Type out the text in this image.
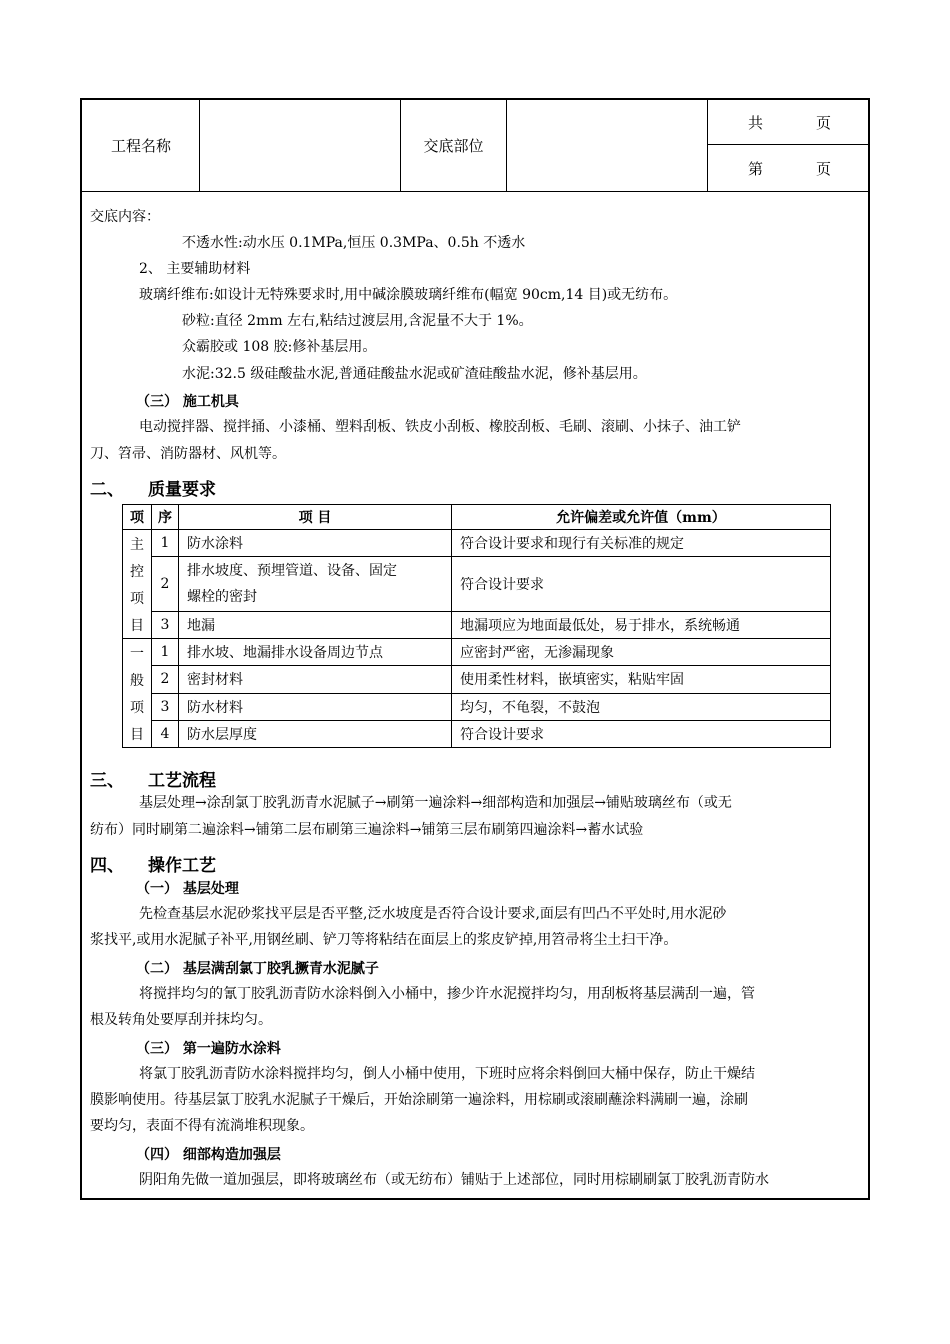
工程名称	交底部位
共	页
第	页
交底内容：
不透水性:动水压 0.1MPa,恒压 0.3MPa、0.5h 不透水
2、 主要辅助材料
玻璃纤维布:如设计无特殊要求时,用中碱涂膜玻璃纤维布(幅宽 90cm,14 目)或无纺布。
砂粒:直径 2mm 左右,粘结过渡层用,含泥量不大于 1%。
众霸胶或 108 胶:修补基层用。
水泥:32.5 级硅酸盐水泥,普通硅酸盐水泥或矿渣硅酸盐水泥，修补基层用。
（三） 施工机具
电动搅拌器、搅拌捅、小漆桶、塑料刮板、铁皮小刮板、橡胶刮板、毛刷、滚刷、小抹子、油工铲
刀、笤帚、消防器材、风机等。
二、 质量要求
项	序	项 目	允许偏差或允许值（mm）

主
控
项
目	1	防水涂料	符合设计要求和现行有关标准的规定
	2	排水坡度、预埋管道、设备、固定
螺栓的密封	符合设计要求
	3	地漏	地漏项应为地面最低处，易于排水，系统畅通

一
般
项
目	1	排水坡、地漏排水设备周边节点	应密封严密，无渗漏现象
	2	密封材料	使用柔性材料，嵌填密实，粘贴牢固
	3	防水材料	均匀，不龟裂，不鼓泡
	4	防水层厚度	符合设计要求
三、 工艺流程
基层处理→涂刮氯丁胶乳沥青水泥腻子→刷第一遍涂料→细部构造和加强层→铺贴玻璃丝布（或无
纺布）同时刷第二遍涂料→铺第二层布刷第三遍涂料→铺第三层布刷第四遍涂料→蓄水试验
四、 操作工艺
（一） 基层处理
先检查基层水泥砂浆找平层是否平整,泛水坡度是否符合设计要求,面层有凹凸不平处时,用水泥砂
浆找平,或用水泥腻子补平,用钢丝刷、铲刀等将粘结在面层上的浆皮铲掉,用笤帚将尘土扫干净。
（二） 基层满刮氯丁胶乳撅青水泥腻子
将搅拌均匀的氰丁胶乳沥青防水涂料倒入小桶中，掺少许水泥搅拌均匀，用刮板将基层满刮一遍，管
根及转角处要厚刮并抹均匀。
（三） 第一遍防水涂料
将氯丁胶乳沥青防水涂料搅拌均匀，倒人小桶中使用，下班时应将余料倒回大桶中保存，防止干燥结
膜影响使用。待基层氯丁胶乳水泥腻子干燥后，开始涂刷第一遍涂料，用棕刷或滚刷蘸涂料满刷一遍，涂刷
要均匀，表面不得有流淌堆积现象。
（四） 细部构造加强层
阴阳角先做一道加强层，即将玻璃丝布（或无纺布）铺贴于上述部位，同时用棕刷刷氯丁胶乳沥青防水
